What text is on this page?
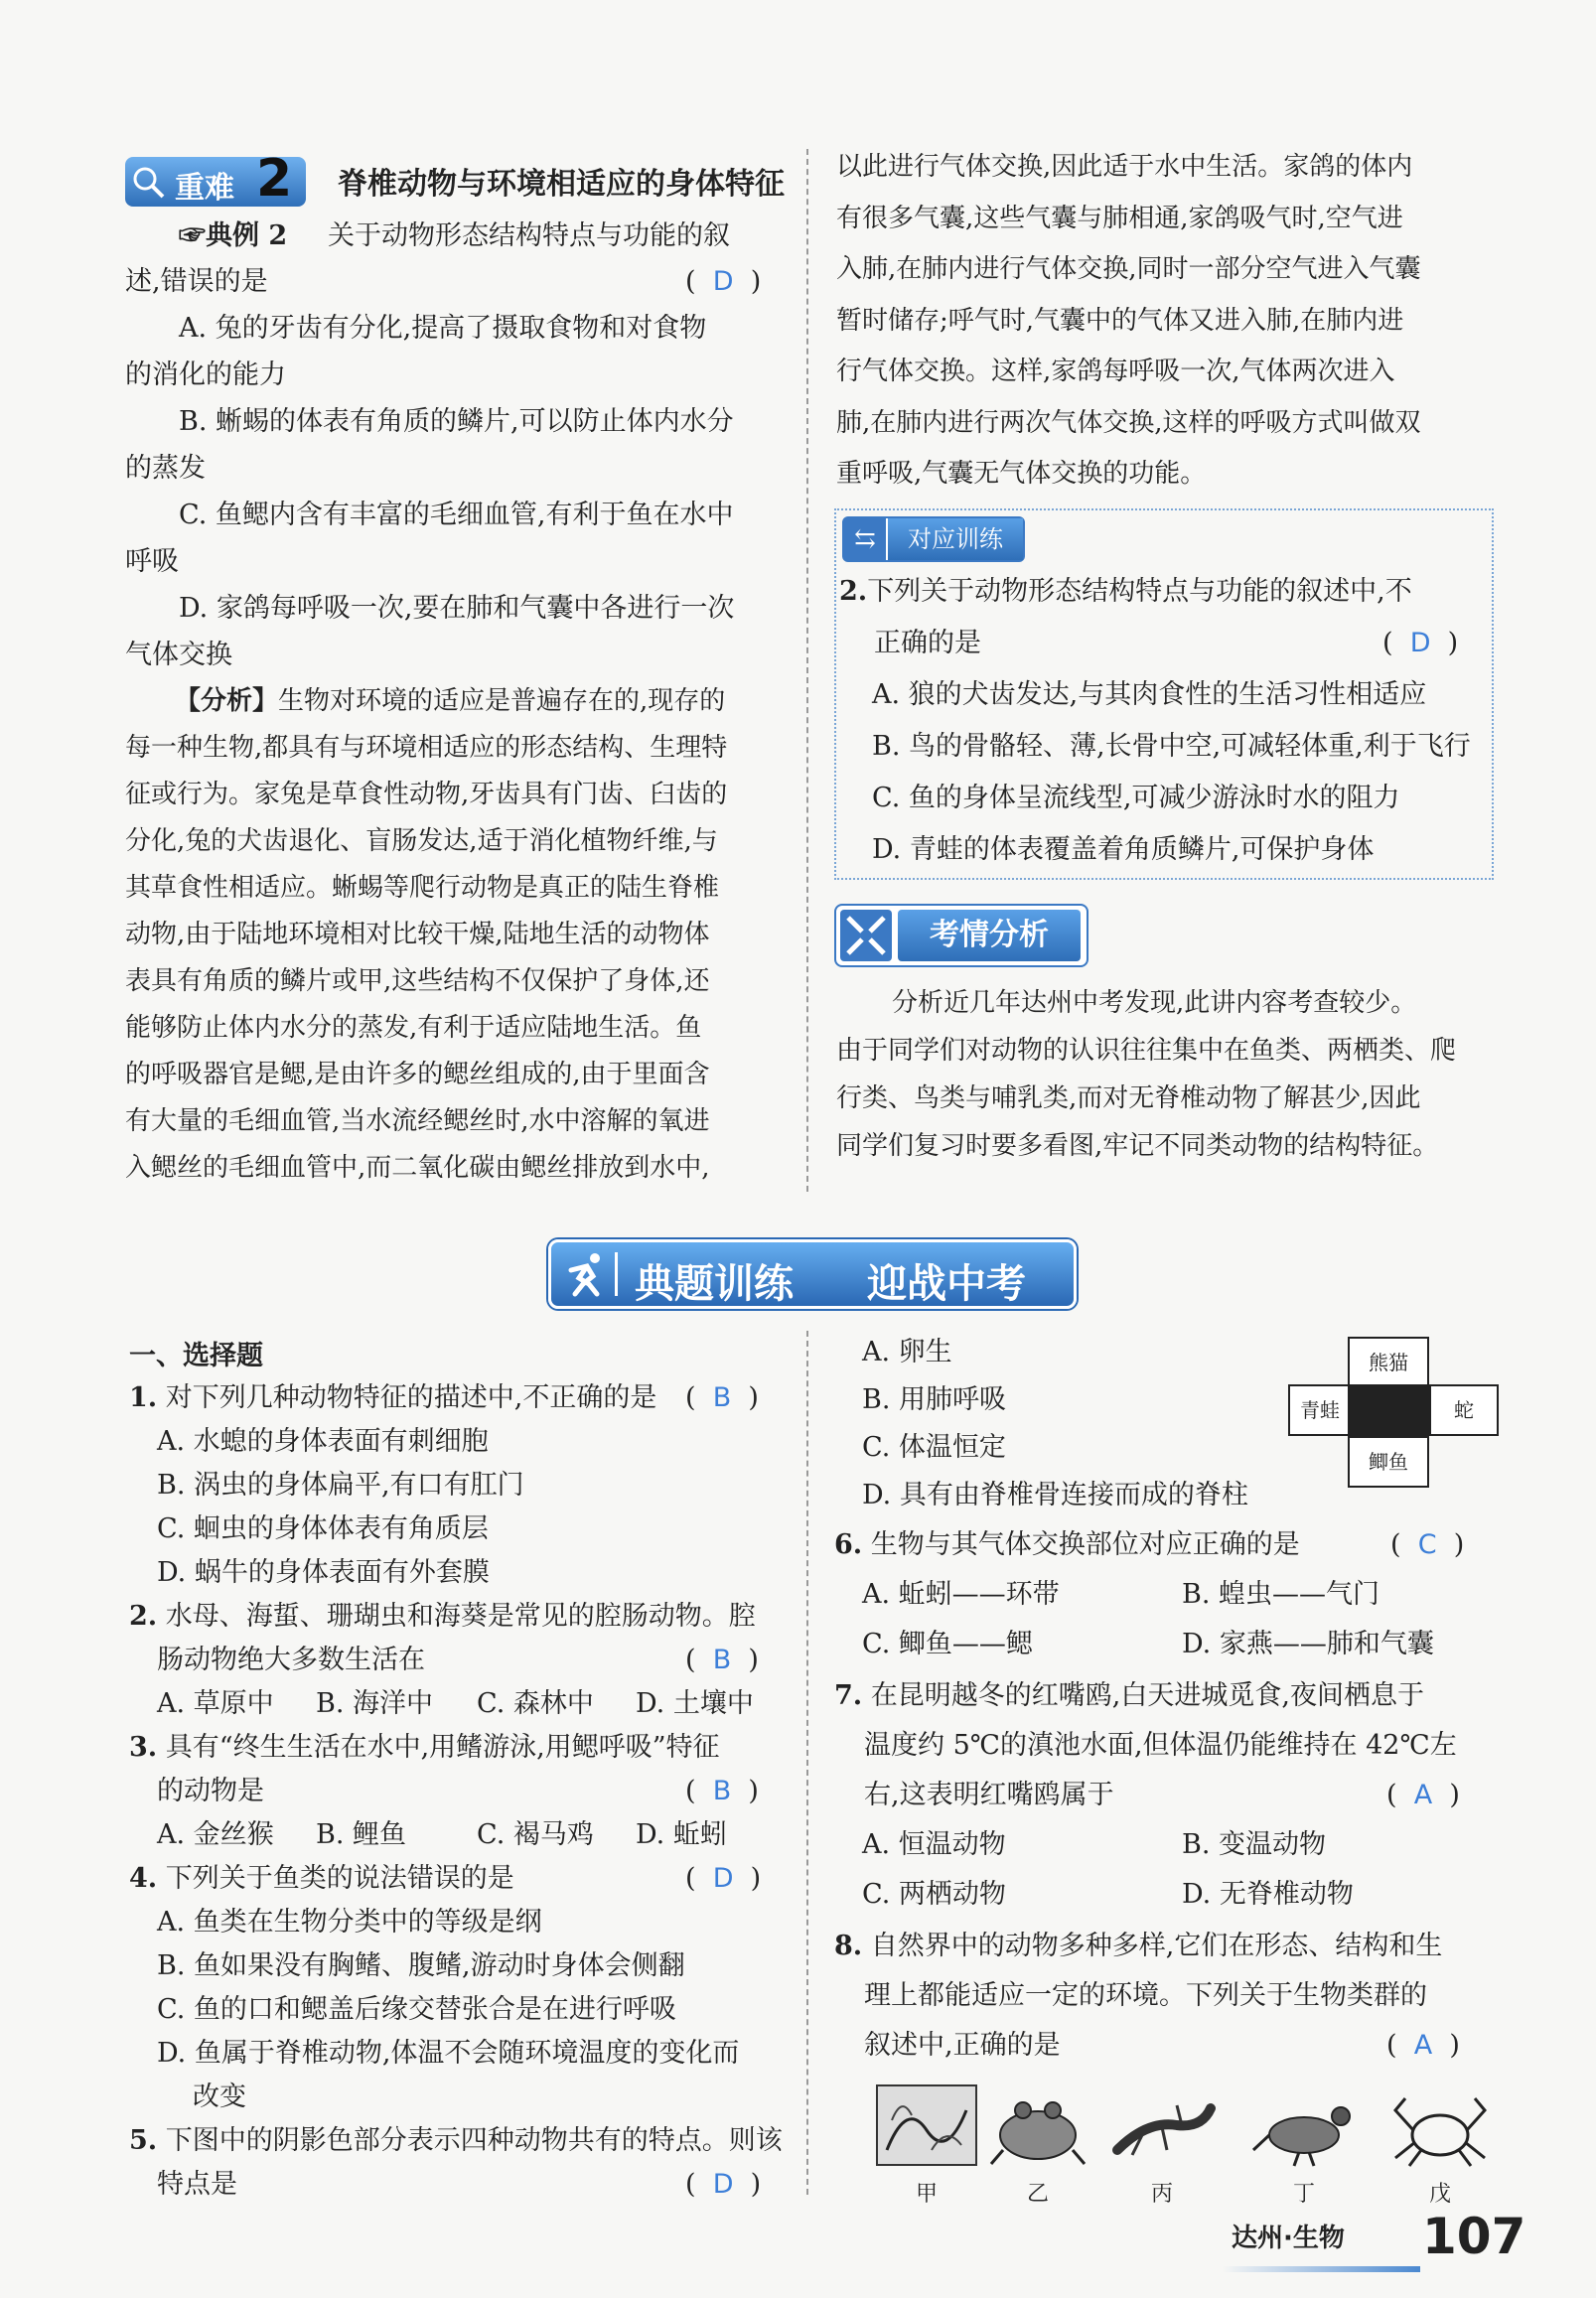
重难 2 脊椎动物与环境相适应的身体特征
☞典例 2 关于动物形态结构特点与功能的叙
述,错误的是	( D )
A. 兔的牙齿有分化,提高了摄取食物和对食物
的消化的能力
B. 蜥蜴的体表有角质的鳞片,可以防止体内水分
的蒸发
C. 鱼鳃内含有丰富的毛细血管,有利于鱼在水中
呼吸
D. 家鸽每呼吸一次,要在肺和气囊中各进行一次
气体交换
【分析】生物对环境的适应是普遍存在的,现存的
每一种生物,都具有与环境相适应的形态结构、生理特
征或行为。家兔是草食性动物,牙齿具有门齿、臼齿的
分化,兔的犬齿退化、盲肠发达,适于消化植物纤维,与
其草食性相适应。蜥蜴等爬行动物是真正的陆生脊椎
动物,由于陆地环境相对比较干燥,陆地生活的动物体
表具有角质的鳞片或甲,这些结构不仅保护了身体,还
能够防止体内水分的蒸发,有利于适应陆地生活。鱼
的呼吸器官是鳃,是由许多的鳃丝组成的,由于里面含
有大量的毛细血管,当水流经鳃丝时,水中溶解的氧进
入鳃丝的毛细血管中,而二氧化碳由鳃丝排放到水中,
以此进行气体交换,因此适于水中生活。家鸽的体内
有很多气囊,这些气囊与肺相通,家鸽吸气时,空气进
入肺,在肺内进行气体交换,同时一部分空气进入气囊
暂时储存;呼气时,气囊中的气体又进入肺,在肺内进
行气体交换。这样,家鸽每呼吸一次,气体两次进入
肺,在肺内进行两次气体交换,这样的呼吸方式叫做双
重呼吸,气囊无气体交换的功能。
⇆	对应训练
2.下列关于动物形态结构特点与功能的叙述中,不
正确的是	(  D  )
A. 狼的犬齿发达,与其肉食性的生活习性相适应
B. 鸟的骨骼轻、薄,长骨中空,可减轻体重,利于飞行
C. 鱼的身体呈流线型,可减少游泳时水的阻力
D. 青蛙的体表覆盖着角质鳞片,可保护身体
考情分析
分析近几年达州中考发现,此讲内容考查较少。
由于同学们对动物的认识往往集中在鱼类、两栖类、爬
行类、鸟类与哺乳类,而对无脊椎动物了解甚少,因此
同学们复习时要多看图,牢记不同类动物的结构特征。
典题训练 迎战中考
一、选择题
1. 对下列几种动物特征的描述中,不正确的是 (  B  )
A. 水螅的身体表面有刺细胞
B. 涡虫的身体扁平,有口有肛门
C. 蛔虫的身体体表有角质层
D. 蜗牛的身体表面有外套膜
2. 水母、海蜇、珊瑚虫和海葵是常见的腔肠动物。腔
肠动物绝大多数生活在	(  B  )
A. 草原中 B. 海洋中 C. 森林中 D. 土壤中
3. 具有“终生生活在水中,用鳍游泳,用鳃呼吸”特征
的动物是	(  B  )
A. 金丝猴 B. 鲤鱼	C. 褐马鸡 D. 蚯蚓
4. 下列关于鱼类的说法错误的是	(  D  )
A. 鱼类在生物分类中的等级是纲
B. 鱼如果没有胸鳍、腹鳍,游动时身体会侧翻
C. 鱼的口和鳃盖后缘交替张合是在进行呼吸
D. 鱼属于脊椎动物,体温不会随环境温度的变化而
改变
5. 下图中的阴影色部分表示四种动物共有的特点。则该
特点是	(  D  )
A. 卵生
B. 用肺呼吸
C. 体温恒定
D. 具有由脊椎骨连接而成的脊柱
熊猫
青蛙	蛇
鲫鱼
6. 生物与其气体交换部位对应正确的是	(  C  )
A. 蚯蚓——环带	B. 蝗虫——气门
C. 鲫鱼——鳃	D. 家燕——肺和气囊
7. 在昆明越冬的红嘴鸥,白天进城觅食,夜间栖息于
温度约 5℃的滇池水面,但体温仍能维持在 42℃左
右,这表明红嘴鸥属于	(  A  )
A. 恒温动物	B. 变温动物
C. 两栖动物	D. 无脊椎动物
8. 自然界中的动物多种多样,它们在形态、结构和生
理上都能适应一定的环境。下列关于生物类群的
叙述中,正确的是	(  A  )
甲	乙	丙	丁	戊
达州·生物 107
